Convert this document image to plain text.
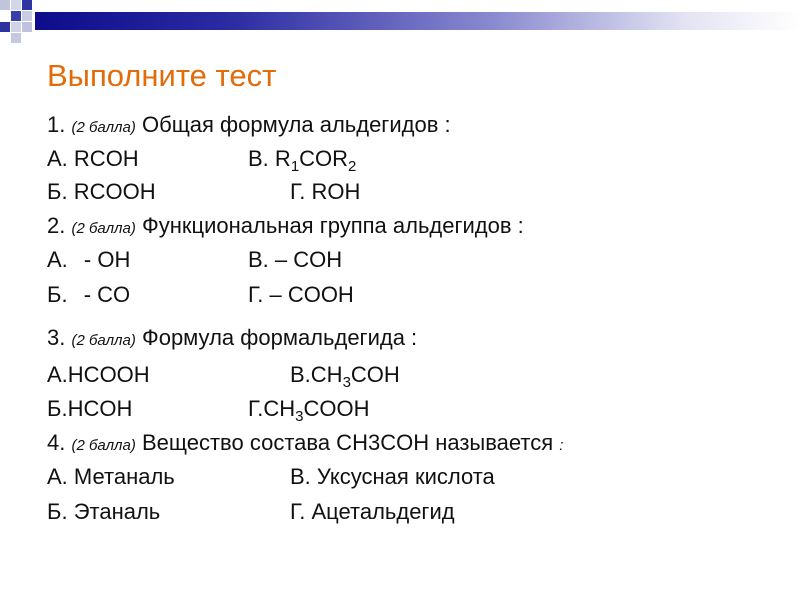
Выполните тест
1. (2 балла) Общая формула альдегидов :
А. RCOH	В. $R_1COR_2$
Б. RCOOH	Г. ROH
2. (2 балла) Функциональная группа альдегидов :
А. - OH	В. – COH
Б. - CO	Г. – COOH
3. (2 балла) Формула формальдегида :
А.HCOOH	$В.CH_3COH$
Б.HCOH	$Г.CH_3COOH$
4. (2 балла) Вещество состава CH3COH называется :
А. Метаналь	В. Уксусная кислота
Б. Этаналь	Г. Ацетальдегид
